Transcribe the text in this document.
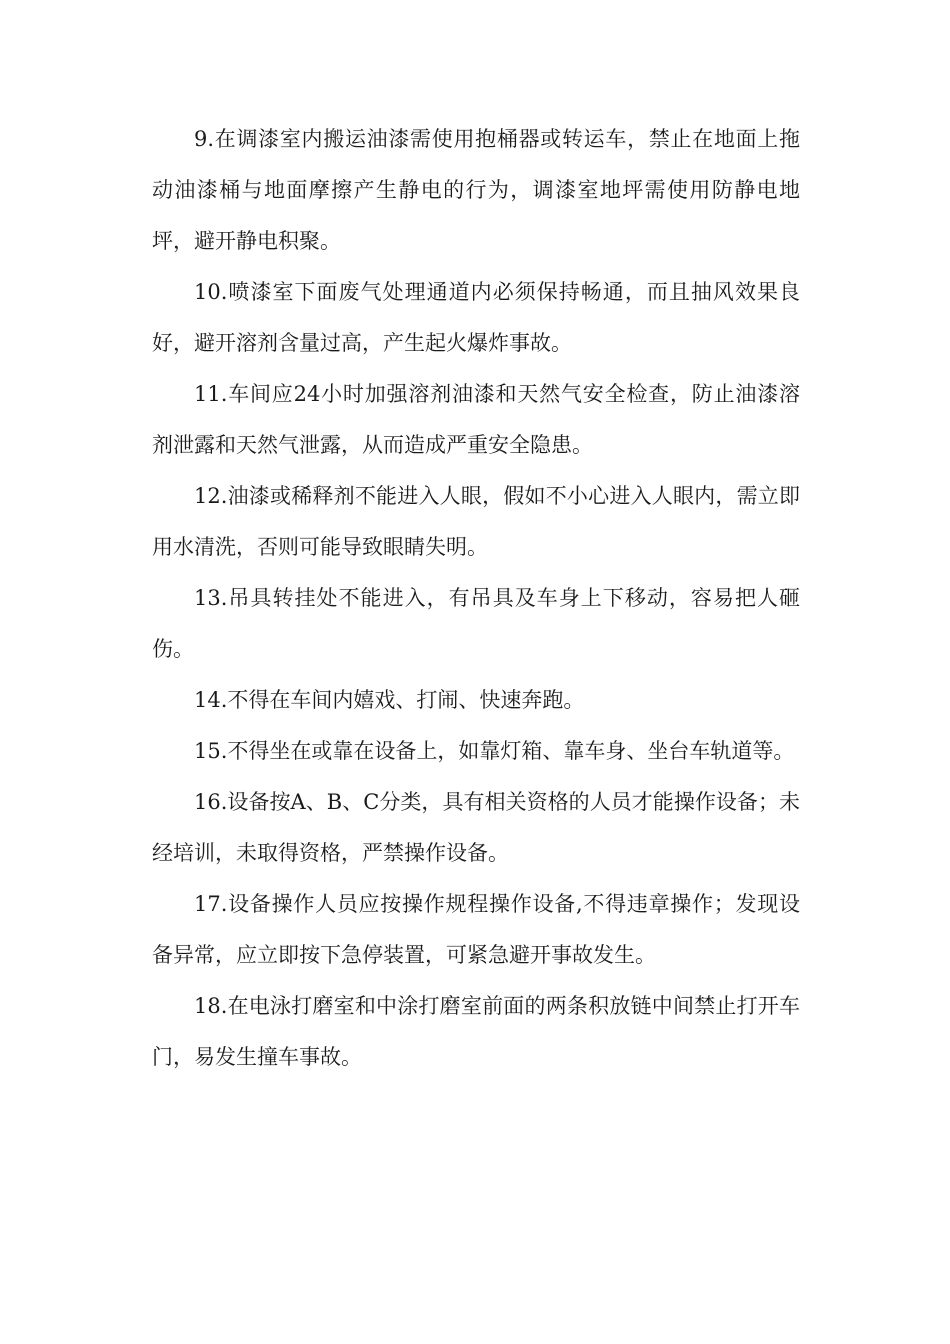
9.在调漆室内搬运油漆需使用抱桶器或转运车，禁止在地面上拖动油漆桶与地面摩擦产生静电的行为，调漆室地坪需使用防静电地坪，避开静电积聚。

10.喷漆室下面废气处理通道内必须保持畅通，而且抽风效果良好，避开溶剂含量过高，产生起火爆炸事故。

11.车间应24小时加强溶剂油漆和天然气安全检查，防止油漆溶剂泄露和天然气泄露，从而造成严重安全隐患。

12.油漆或稀释剂不能进入人眼，假如不小心进入人眼内，需立即用水清洗，否则可能导致眼睛失明。

13.吊具转挂处不能进入，有吊具及车身上下移动，容易把人砸伤。

14.不得在车间内嬉戏、打闹、快速奔跑。

15.不得坐在或靠在设备上，如靠灯箱、靠车身、坐台车轨道等。

16.设备按A、B、C分类，具有相关资格的人员才能操作设备；未经培训，未取得资格，严禁操作设备。

17.设备操作人员应按操作规程操作设备,不得违章操作；发现设备异常，应立即按下急停装置，可紧急避开事故发生。

18.在电泳打磨室和中涂打磨室前面的两条积放链中间禁止打开车门，易发生撞车事故。
